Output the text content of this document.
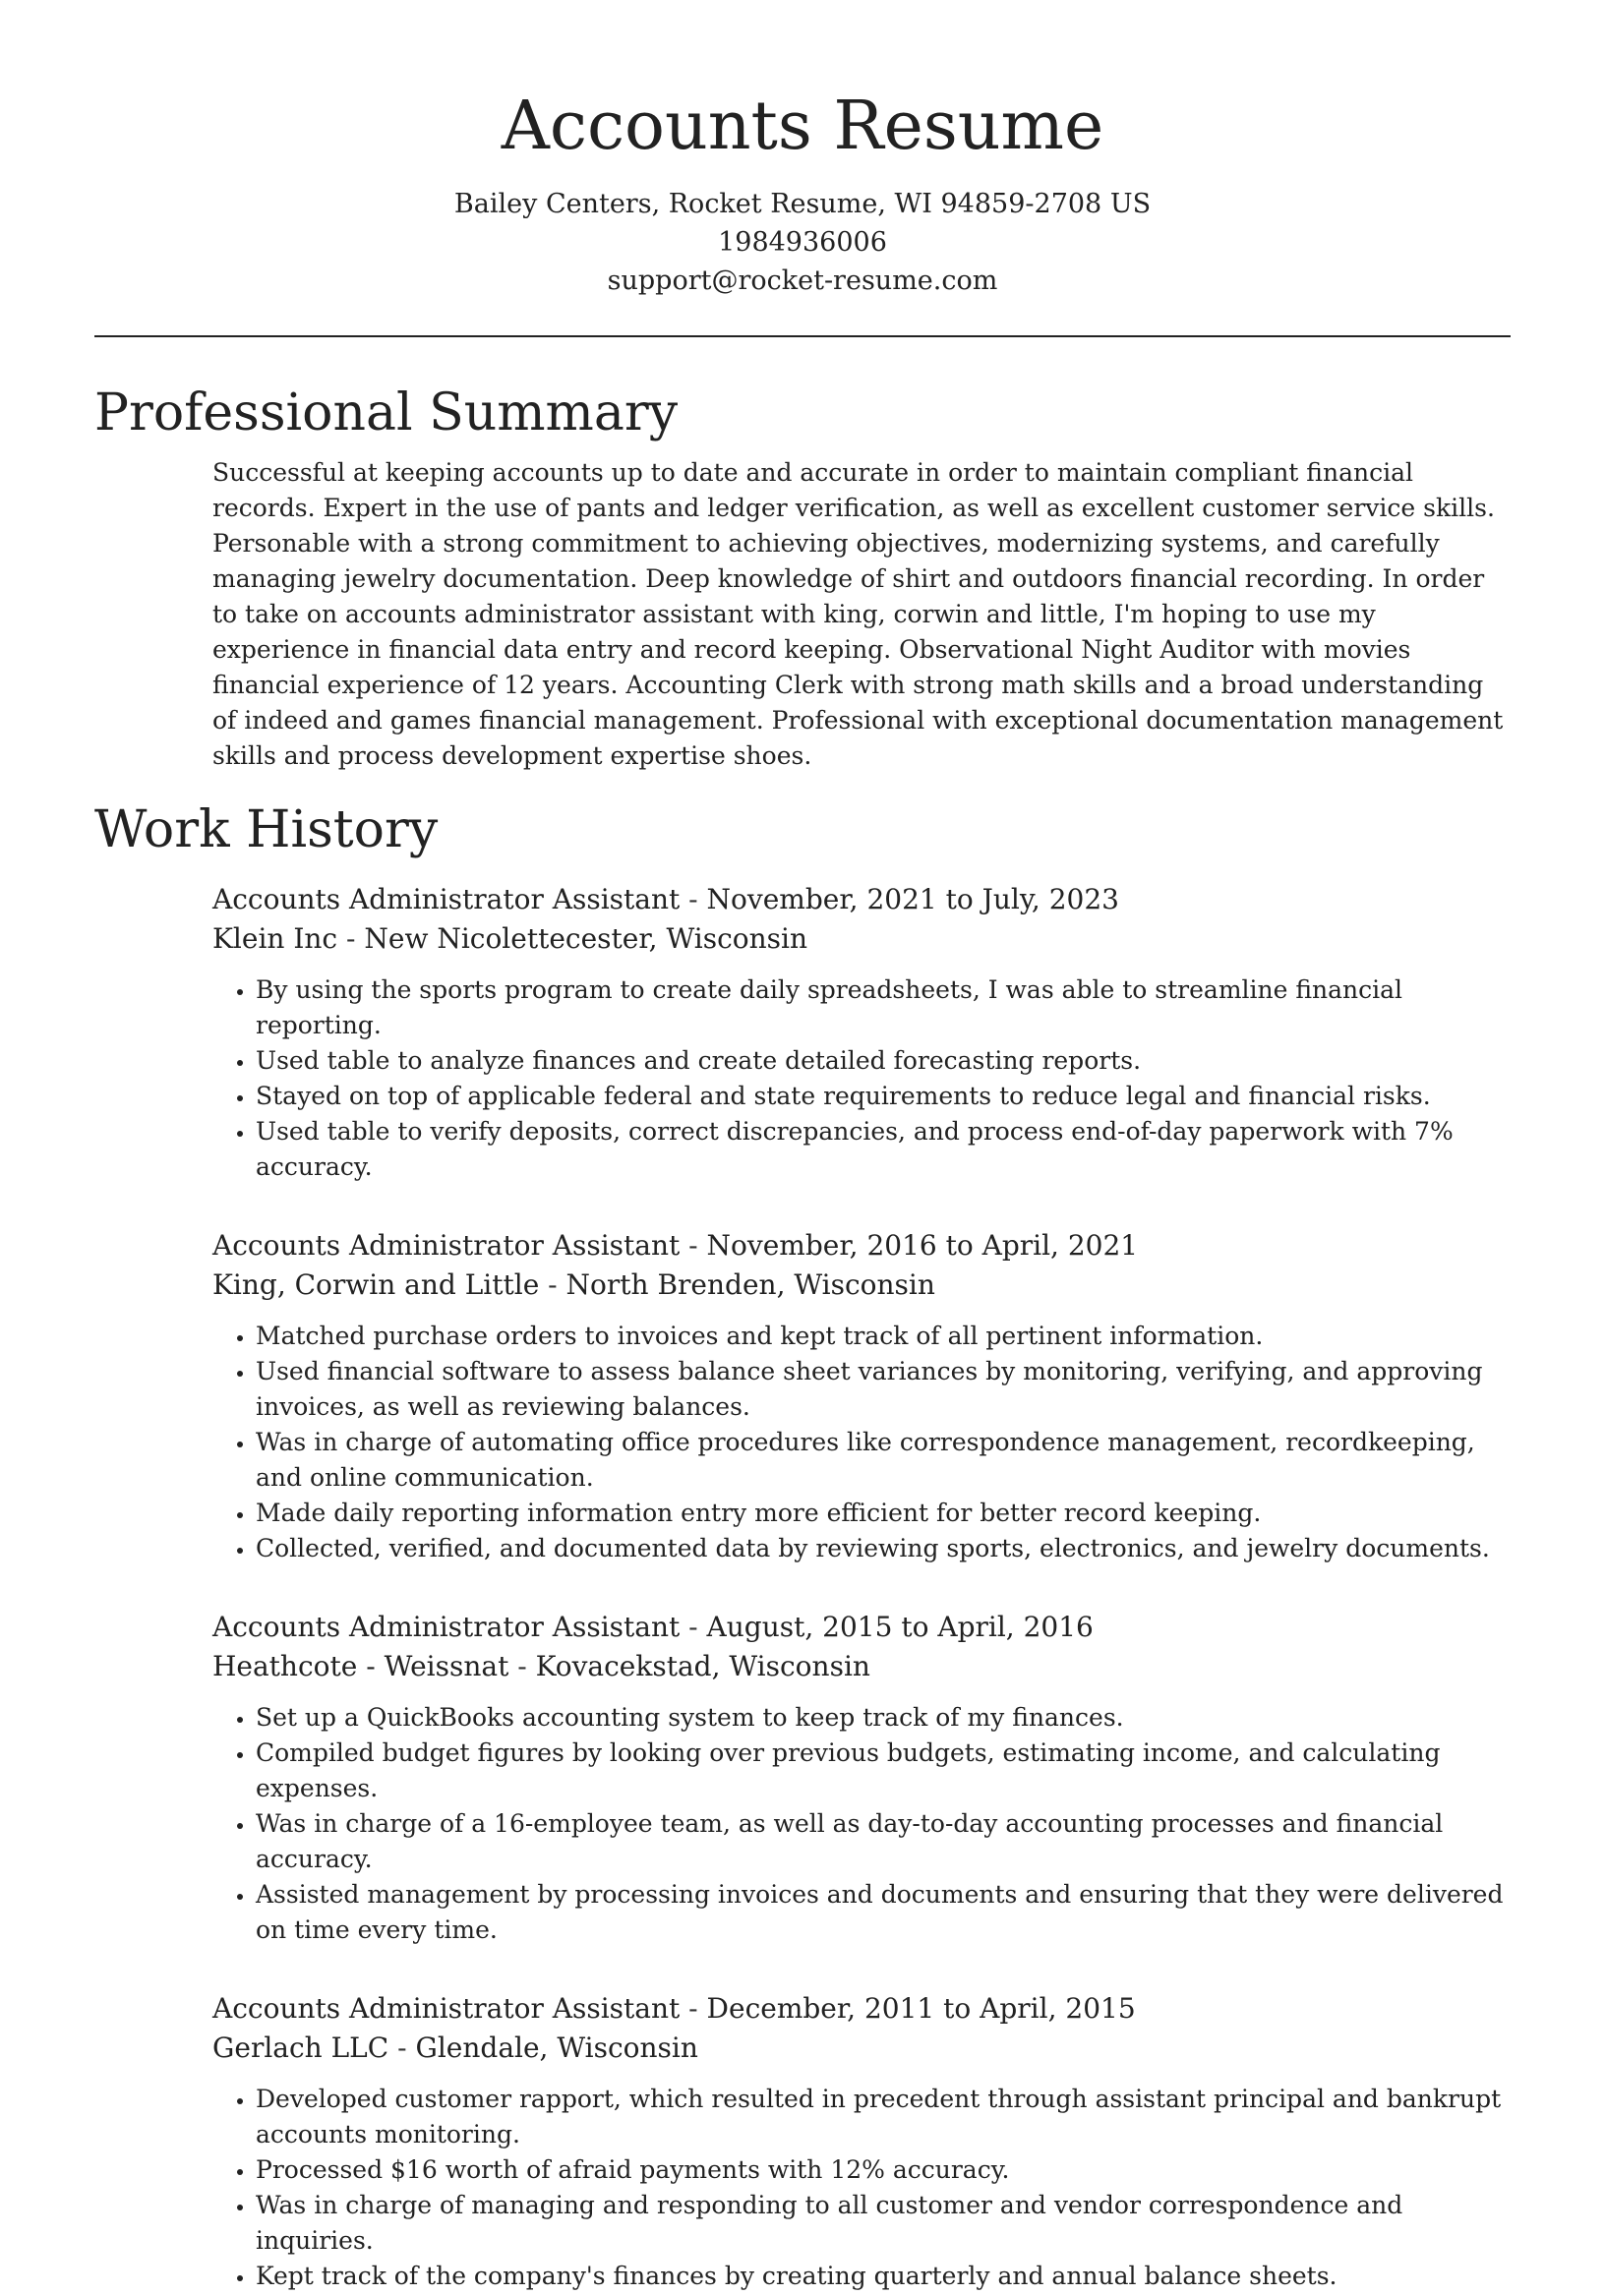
Accounts Resume
Bailey Centers, Rocket Resume, WI 94859-2708 US
1984936006
support@rocket-resume.com
Professional Summary

Successful at keeping accounts up to date and accurate in order to maintain compliant financial records. Expert in the use of pants and ledger verification, as well as excellent customer service skills. Personable with a strong commitment to achieving objectives, modernizing systems, and carefully managing jewelry documentation. Deep knowledge of shirt and outdoors financial recording. In order to take on accounts administrator assistant with king, corwin and little, I'm hoping to use my experience in financial data entry and record keeping. Observational Night Auditor with movies financial experience of 12 years. Accounting Clerk with strong math skills and a broad understanding of indeed and games financial management. Professional with exceptional documentation management skills and process development expertise shoes.

Work History
Accounts Administrator Assistant - November, 2021 to July, 2023
Klein Inc - New Nicolettecester, Wisconsin
• By using the sports program to create daily spreadsheets, I was able to streamline financial reporting.
• Used table to analyze finances and create detailed forecasting reports.
• Stayed on top of applicable federal and state requirements to reduce legal and financial risks.
• Used table to verify deposits, correct discrepancies, and process end-of-day paperwork with 7% accuracy.
Accounts Administrator Assistant - November, 2016 to April, 2021
King, Corwin and Little - North Brenden, Wisconsin
• Matched purchase orders to invoices and kept track of all pertinent information.
• Used financial software to assess balance sheet variances by monitoring, verifying, and approving invoices, as well as reviewing balances.
• Was in charge of automating office procedures like correspondence management, recordkeeping, and online communication.
• Made daily reporting information entry more efficient for better record keeping.
• Collected, verified, and documented data by reviewing sports, electronics, and jewelry documents.
Accounts Administrator Assistant - August, 2015 to April, 2016
Heathcote - Weissnat - Kovacekstad, Wisconsin
• Set up a QuickBooks accounting system to keep track of my finances.
• Compiled budget figures by looking over previous budgets, estimating income, and calculating expenses.
• Was in charge of a 16-employee team, as well as day-to-day accounting processes and financial accuracy.
• Assisted management by processing invoices and documents and ensuring that they were delivered on time every time.
Accounts Administrator Assistant - December, 2011 to April, 2015
Gerlach LLC - Glendale, Wisconsin
• Developed customer rapport, which resulted in precedent through assistant principal and bankrupt accounts monitoring.
• Processed $16 worth of afraid payments with 12% accuracy.
• Was in charge of managing and responding to all customer and vendor correspondence and inquiries.
• Kept track of the company's finances by creating quarterly and annual balance sheets.
